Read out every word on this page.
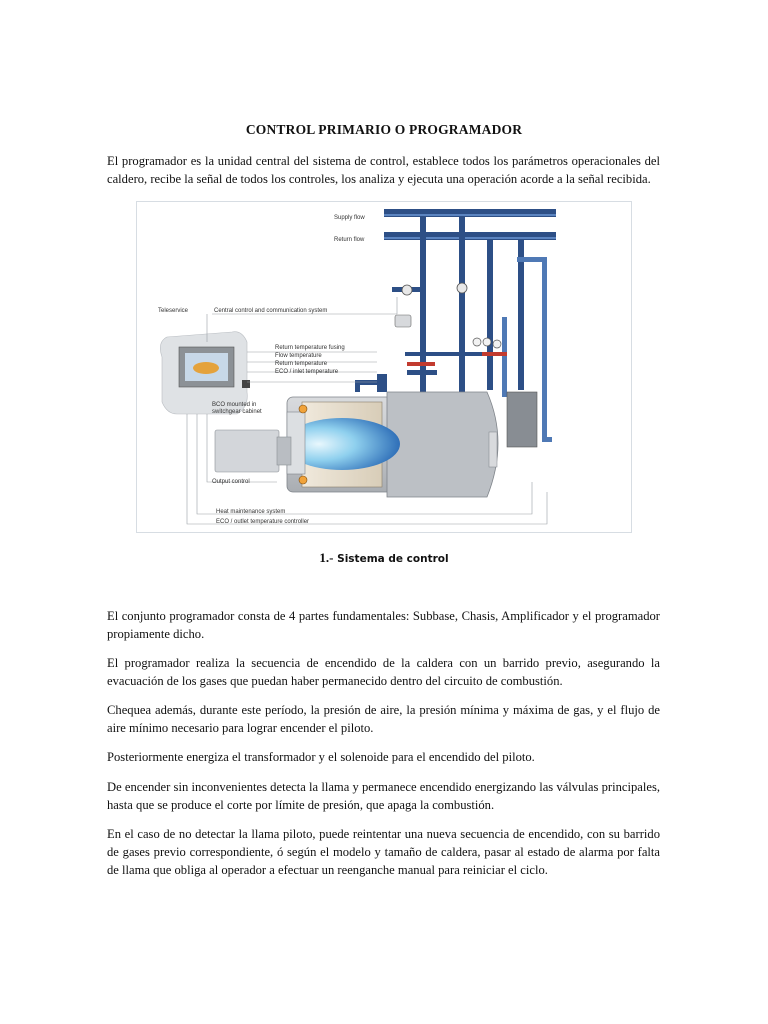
CONTROL PRIMARIO O PROGRAMADOR

El programador es la unidad central del sistema de control, establece todos los parámetros operacionales del caldero, recibe la señal de todos los controles, los analiza y ejecuta una operación acorde a la señal recibida.

Supply flow
Return flow
Teleservice	Central control and communication system
Return temperature fusing
Flow temperature
Return temperature
ECO / inlet temperature
BCO mounted in
switchgear cabinet
Output control
Heat maintenance system
ECO / outlet temperature controller
1.- Sistema de control

El conjunto programador consta de 4 partes fundamentales: Subbase, Chasis, Amplificador y el programador propiamente dicho.

El programador realiza la secuencia de encendido de la caldera con un barrido previo, asegurando la evacuación de los gases que puedan haber permanecido dentro del circuito de combustión.

Chequea además, durante este período, la presión de aire, la presión mínima y máxima de gas, y el flujo de aire mínimo necesario para lograr encender el piloto.

Posteriormente energiza el transformador y el solenoide para el encendido del piloto.

De encender sin inconvenientes detecta la llama y permanece encendido energizando las válvulas principales, hasta que se produce el corte por límite de presión, que apaga la combustión.

En el caso de no detectar la llama piloto, puede reintentar una nueva secuencia de encendido, con su barrido de gases previo correspondiente, ó según el modelo y tamaño de caldera, pasar al estado de alarma por falta de llama que obliga al operador a efectuar un reenganche manual para reiniciar el ciclo.
